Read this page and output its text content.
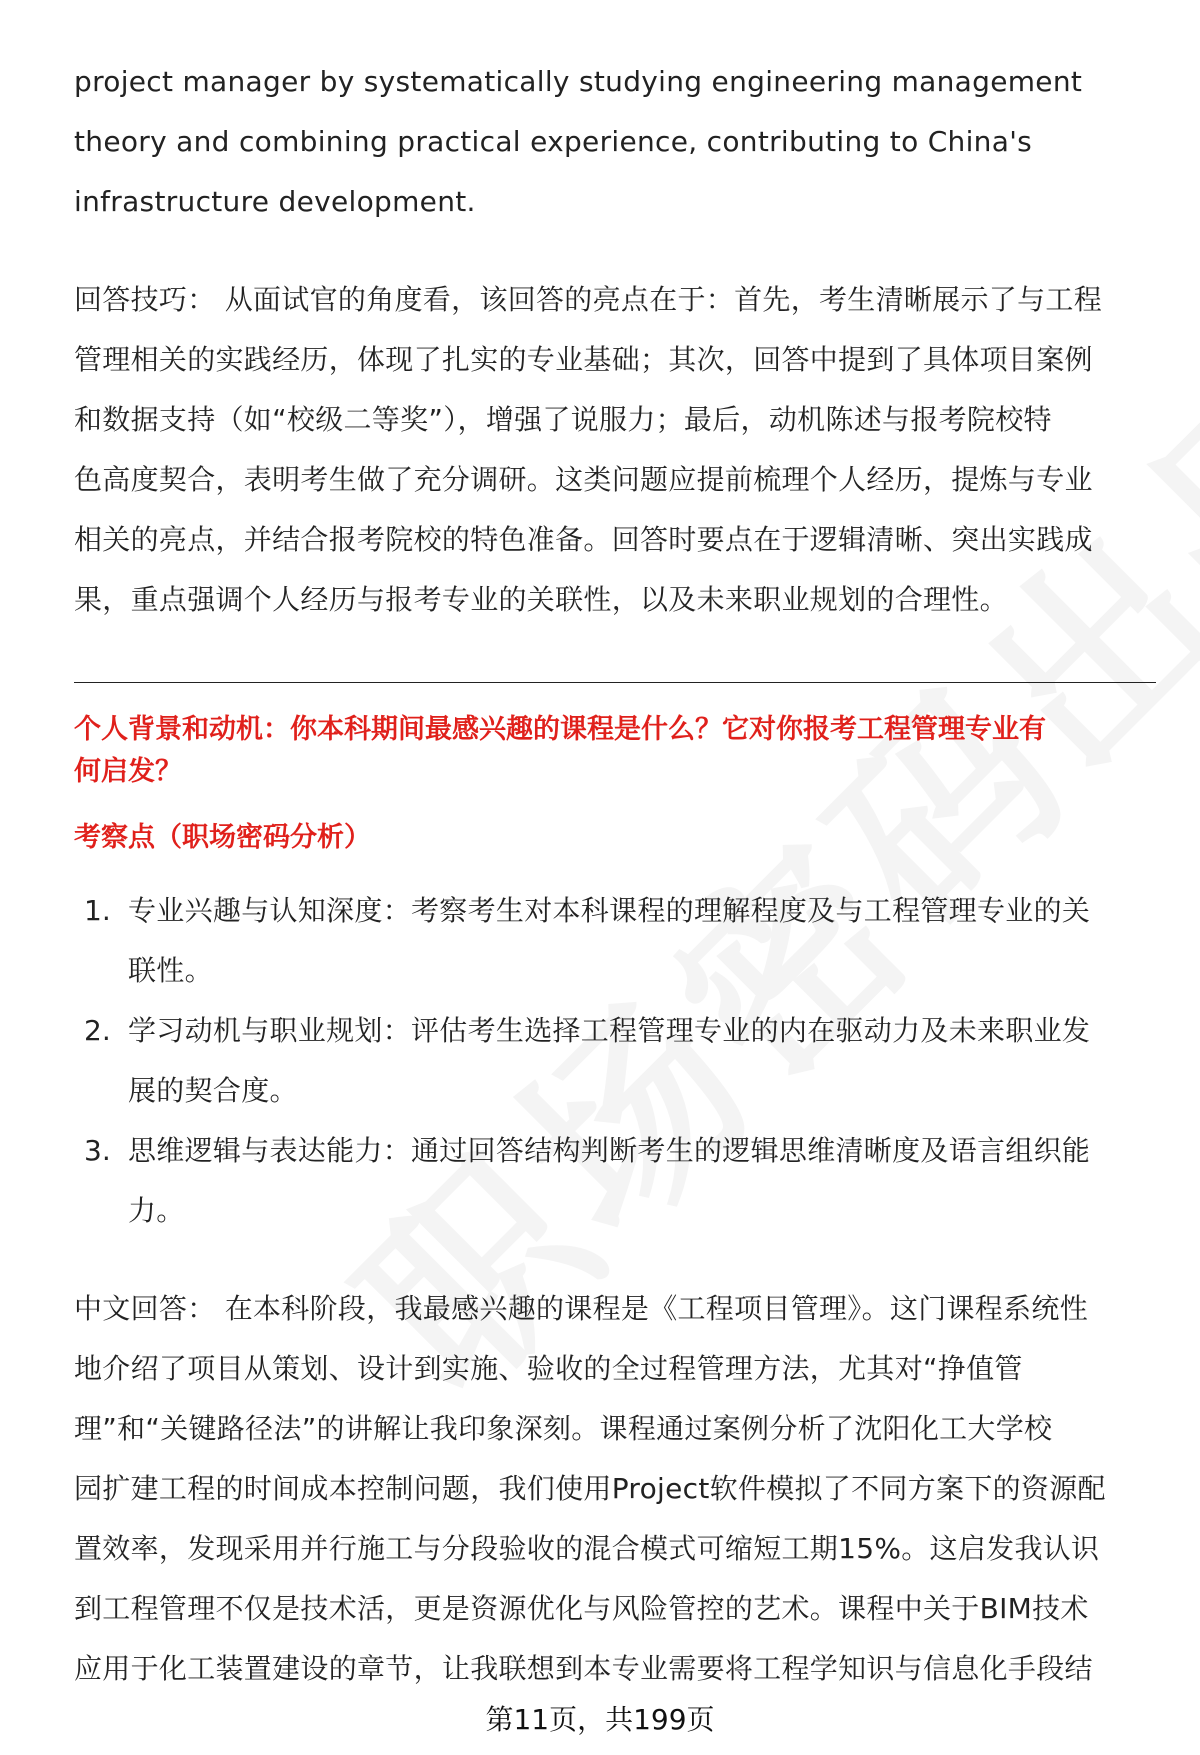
project manager by systematically studying engineering management
theory and combining practical experience, contributing to China's
infrastructure development.
回答技巧： 从面试官的角度看，该回答的亮点在于：首先，考生清晰展示了与工程
管理相关的实践经历，体现了扎实的专业基础；其次，回答中提到了具体项目案例
和数据支持（如“校级二等奖”），增强了说服力；最后，动机陈述与报考院校特
色高度契合，表明考生做了充分调研。这类问题应提前梳理个人经历，提炼与专业
相关的亮点，并结合报考院校的特色准备。回答时要点在于逻辑清晰、突出实践成
果，重点强调个人经历与报考专业的关联性，以及未来职业规划的合理性。
个人背景和动机：你本科期间最感兴趣的课程是什么？它对你报考工程管理专业有
何启发？
考察点（职场密码分析）
1. 专业兴趣与认知深度：考察考生对本科课程的理解程度及与工程管理专业的关
联性。
2. 学习动机与职业规划：评估考生选择工程管理专业的内在驱动力及未来职业发
展的契合度。
3. 思维逻辑与表达能力：通过回答结构判断考生的逻辑思维清晰度及语言组织能
力。
中文回答： 在本科阶段，我最感兴趣的课程是《工程项目管理》。这门课程系统性
地介绍了项目从策划、设计到实施、验收的全过程管理方法，尤其对“挣值管
理”和“关键路径法”的讲解让我印象深刻。课程通过案例分析了沈阳化工大学校
园扩建工程的时间成本控制问题，我们使用Project软件模拟了不同方案下的资源配
置效率，发现采用并行施工与分段验收的混合模式可缩短工期15%。这启发我认识
到工程管理不仅是技术活，更是资源优化与风险管控的艺术。课程中关于BIM技术
应用于化工装置建设的章节，让我联想到本专业需要将工程学知识与信息化手段结
第11页，共199页
